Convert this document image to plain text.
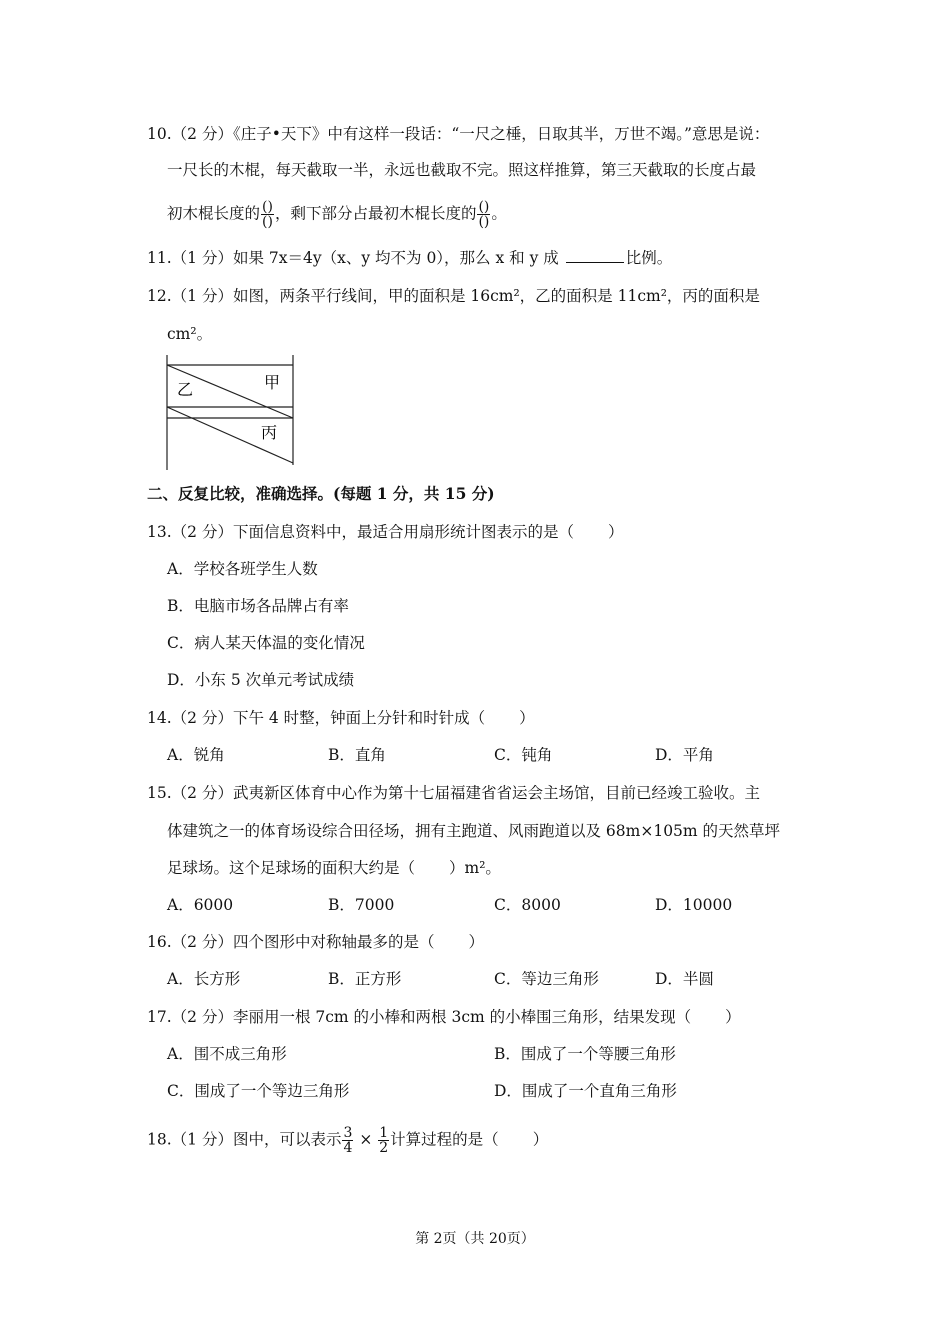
10.（2 分）《庄子•天下》中有这样一段话：“一尺之棰，日取其半，万世不竭。”意思是说：
一尺长的木棍，每天截取一半，永远也截取不完。照这样推算，第三天截取的长度占最
初木棍长度的 $\frac{()}{()}$ ，剩下部分占最初木棍长度的 $\frac{()}{()}$ 。
11.（1 分）如果 7x＝4y（x、y 均不为 0），那么 x 和 y 成	比例。
12.（1 分）如图，两条平行线间，甲的面积是 16cm²，乙的面积是 11cm²，丙的面积是
cm²。
乙	甲
丙
二、反复比较，准确选择。(每题 1 分，共 15 分)
13.（2 分）下面信息资料中，最适合用扇形统计图表示的是（ ）
A．学校各班学生人数
B．电脑市场各品牌占有率
C．病人某天体温的变化情况
D．小东 5 次单元考试成绩
14.（2 分）下午 4 时整，钟面上分针和时针成（ ）
A．锐角	B．直角	C．钝角	D．平角
15.（2 分）武夷新区体育中心作为第十七届福建省省运会主场馆，目前已经竣工验收。主
体建筑之一的体育场设综合田径场，拥有主跑道、风雨跑道以及 68m×105m 的天然草坪
足球场。这个足球场的面积大约是（ ）m²。
A．6000	B．7000	C．8000	D．10000
16.（2 分）四个图形中对称轴最多的是（ ）
A．长方形	B．正方形	C．等边三角形	D．半圆
17.（2 分）李丽用一根 7cm 的小棒和两根 3cm 的小棒围三角形，结果发现（ ）
A．围不成三角形	B．围成了一个等腰三角形
C．围成了一个等边三角形	D．围成了一个直角三角形
18.（1 分）图中，可以表示 $\frac{3}{4} \times \frac{1}{2}$ 计算过程的是（ ）
第 2页（共 20页）
